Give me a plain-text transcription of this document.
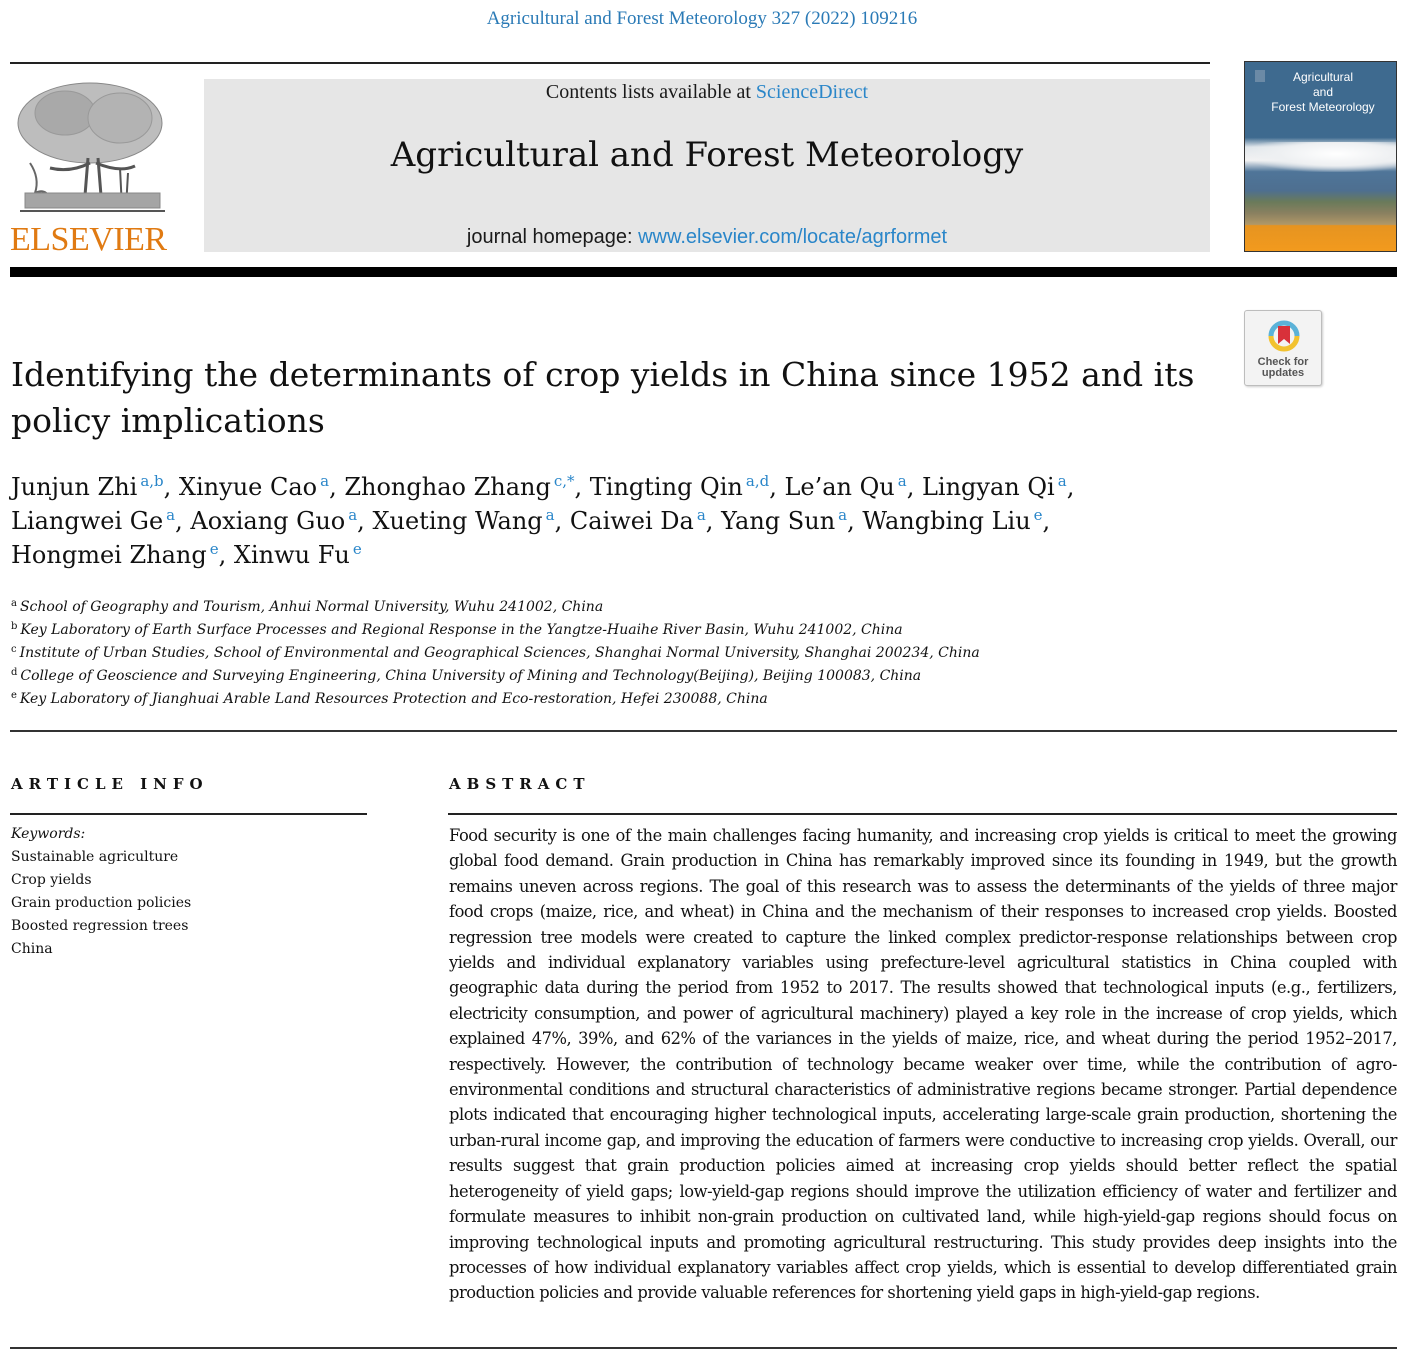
Agricultural and Forest Meteorology 327 (2022) 109216
ELSEVIER
Contents lists available at ScienceDirect
Agricultural and Forest Meteorology
journal homepage: www.elsevier.com/locate/agrformet
Agricultural
and
Forest Meteorology
Check for
updates
Identifying the determinants of crop yields in China since 1952 and its
policy implications
Junjun Zhi $^{a,b}$, Xinyue Cao $^a$, Zhonghao Zhang $^{c,*}$, Tingting Qin $^{a,d}$, Le’an Qu $^a$, Lingyan Qi $^a$,
Liangwei Ge $^a$, Aoxiang Guo $^a$, Xueting Wang $^a$, Caiwei Da $^a$, Yang Sun $^a$, Wangbing Liu $^e$,
Hongmei Zhang $^e$, Xinwu Fu $^e$
$^a$ School of Geography and Tourism, Anhui Normal University, Wuhu 241002, China
$^b$ Key Laboratory of Earth Surface Processes and Regional Response in the Yangtze-Huaihe River Basin, Wuhu 241002, China
$^c$ Institute of Urban Studies, School of Environmental and Geographical Sciences, Shanghai Normal University, Shanghai 200234, China
$^d$ College of Geoscience and Surveying Engineering, China University of Mining and Technology(Beijing), Beijing 100083, China
$^e$ Key Laboratory of Jianghuai Arable Land Resources Protection and Eco-restoration, Hefei 230088, China
ARTICLE INFO
Keywords:
Sustainable agriculture
Crop yields
Grain production policies
Boosted regression trees
China
ABSTRACT

Food security is one of the main challenges facing humanity, and increasing crop yields is critical to meet the growing global food demand. Grain production in China has remarkably improved since its founding in 1949, but the growth remains uneven across regions. The goal of this research was to assess the determinants of the yields of three major food crops (maize, rice, and wheat) in China and the mechanism of their responses to increased crop yields. Boosted regression tree models were created to capture the linked complex predictor-response relationships between crop yields and individual explanatory variables using prefecture-level agricultural statistics in China coupled with geographic data during the period from 1952 to 2017. The results showed that technological inputs (e.g., fertilizers, electricity consumption, and power of agricultural machinery) played a key role in the increase of crop yields, which explained 47%, 39%, and 62% of the variances in the yields of maize, rice, and wheat during the period 1952–2017, respectively. However, the contribution of technology became weaker over time, while the contribution of agro-environmental conditions and structural characteristics of administrative regions became stronger. Partial dependence plots indicated that encouraging higher technological inputs, accelerating large-scale grain production, shortening the urban-rural income gap, and improving the education of farmers were conductive to increasing crop yields. Overall, our results suggest that grain production policies aimed at increasing crop yields should better reflect the spatial heterogeneity of yield gaps; low-yield-gap regions should improve the utilization efficiency of water and fertilizer and formulate measures to inhibit non-grain production on cultivated land, while high-yield-gap regions should focus on improving technological inputs and promoting agricultural restructuring. This study provides deep insights into the processes of how individual explanatory variables affect crop yields, which is essential to develop differentiated grain production policies and provide valuable references for shortening yield gaps in high-yield-gap regions.
